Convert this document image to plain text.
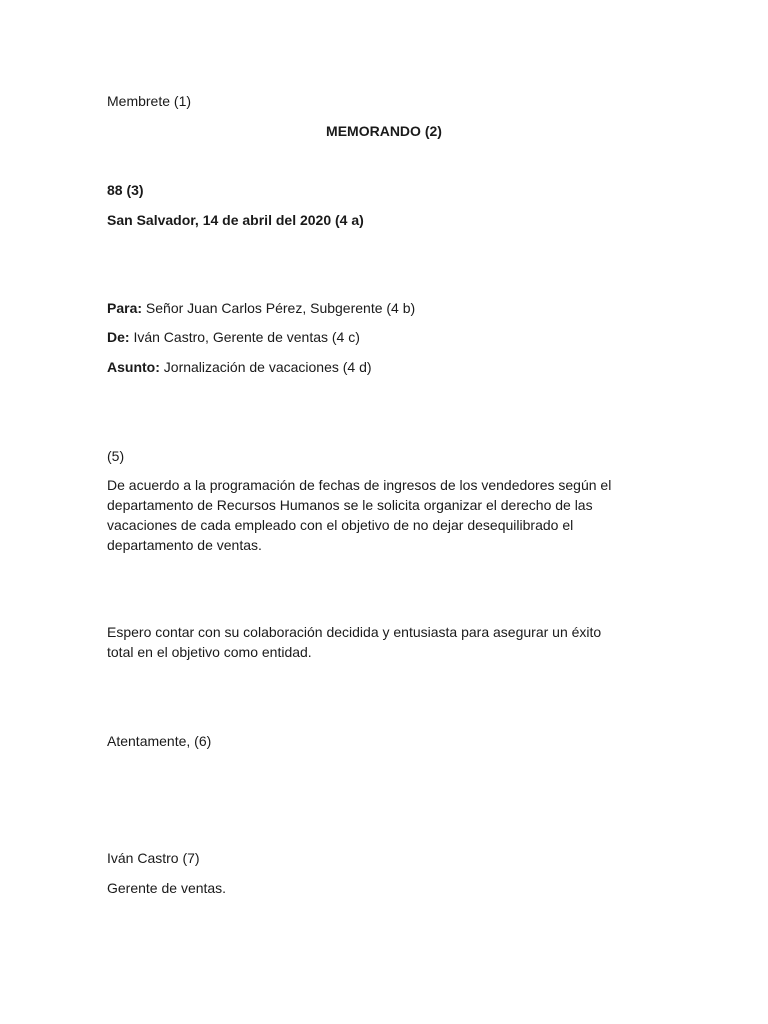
Membrete (1)
MEMORANDO (2)
88 (3)
San Salvador, 14 de abril del 2020 (4 a)
Para: Señor Juan Carlos Pérez, Subgerente (4 b)
De: Iván Castro, Gerente de ventas (4 c)
Asunto: Jornalización de vacaciones (4 d)
(5)
De acuerdo a la programación de fechas de ingresos de los vendedores según el
departamento de Recursos Humanos se le solicita organizar el derecho de las
vacaciones de cada empleado con el objetivo de no dejar desequilibrado el
departamento de ventas.
Espero contar con su colaboración decidida y entusiasta para asegurar un éxito
total en el objetivo como entidad.
Atentamente, (6)
Iván Castro (7)
Gerente de ventas.
